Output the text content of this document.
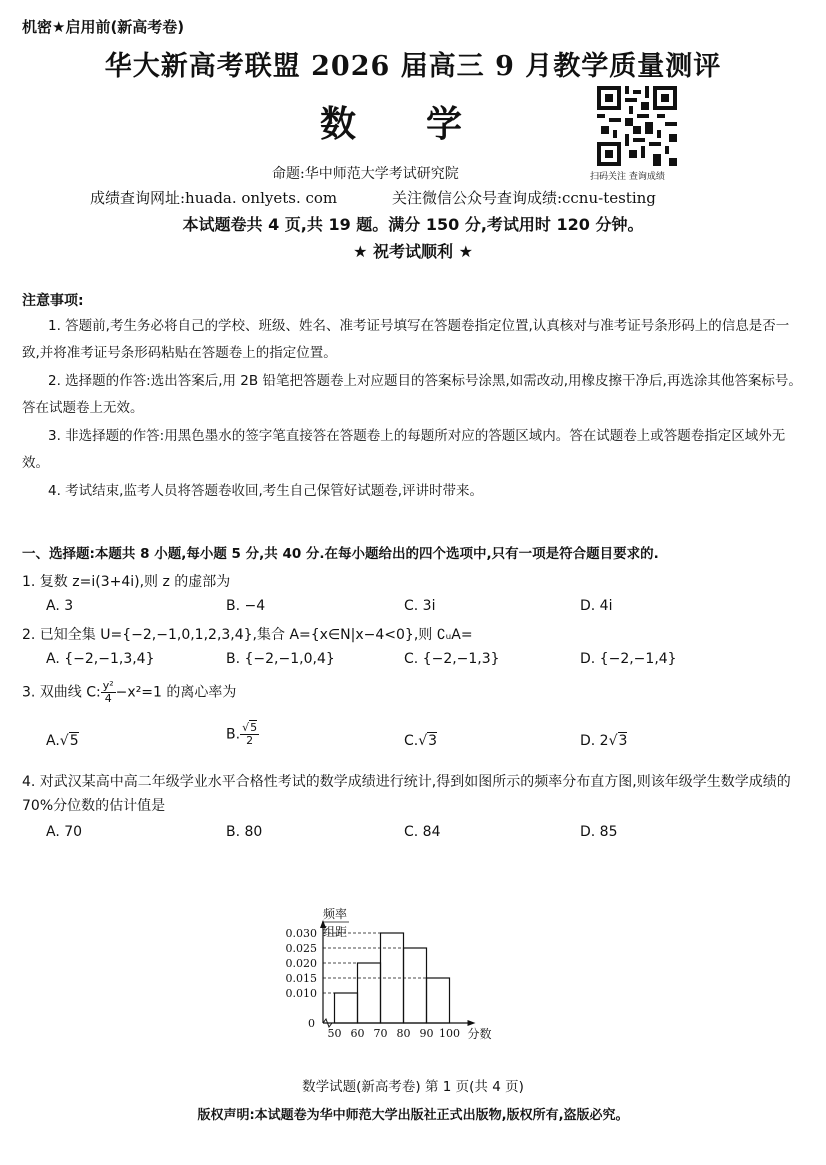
机密★启用前(新高考卷)
华大新高考联盟 2026 届高三 9 月教学质量测评
数学
扫码关注 查询成绩
命题:华中师范大学考试研究院
成绩查询网址:huada. onlyets. com	关注微信公众号查询成绩:ccnu-testing
本试题卷共 4 页,共 19 题。满分 150 分,考试用时 120 分钟。
★ 祝考试顺利 ★
注意事项:
1. 答题前,考生务必将自己的学校、班级、姓名、准考证号填写在答题卷指定位置,认真核对与准考证号条形码上的信息是否一致,并将准考证号条形码粘贴在答题卷上的指定位置。
2. 选择题的作答:选出答案后,用 2B 铅笔把答题卷上对应题目的答案标号涂黑,如需改动,用橡皮擦干净后,再选涂其他答案标号。答在试题卷上无效。
3. 非选择题的作答:用黑色墨水的签字笔直接答在答题卷上的每题所对应的答题区域内。答在试题卷上或答题卷指定区域外无效。
4. 考试结束,监考人员将答题卷收回,考生自己保管好试题卷,评讲时带来。
一、选择题:本题共 8 小题,每小题 5 分,共 40 分.在每小题给出的四个选项中,只有一项是符合题目要求的.
1. 复数 z=i(3+4i),则 z 的虚部为
A. 3	B. −4	C. 3i	D. 4i
2. 已知全集 U={−2,−1,0,1,2,3,4},集合 A={x∈N|x−4<0},则 ∁ᵤA=
A. {−2,−1,3,4}	B. {−2,−1,0,4}	C. {−2,−1,3}	D. {−2,−1,4}
3. 双曲线 C: $\frac{\text{y²}}{4} -x^2=1$ 的离心率为
A.√5	B. $\frac{√5}{2}$	C.√3	D. 2√3
4. 对武汉某高中高二年级学业水平合格性考试的数学成绩进行统计,得到如图所示的频率分布直方图,则该年级学生数学成绩的 70%分位数的估计值是
A. 70	B. 80	C. 84	D. 85
0.030
0.025
0.020
0.015
0.010
0
50 60 70 80 90 100 分数
频率
组距
数学试题(新高考卷) 第 1 页(共 4 页)
版权声明:本试题卷为华中师范大学出版社正式出版物,版权所有,盗版必究。
